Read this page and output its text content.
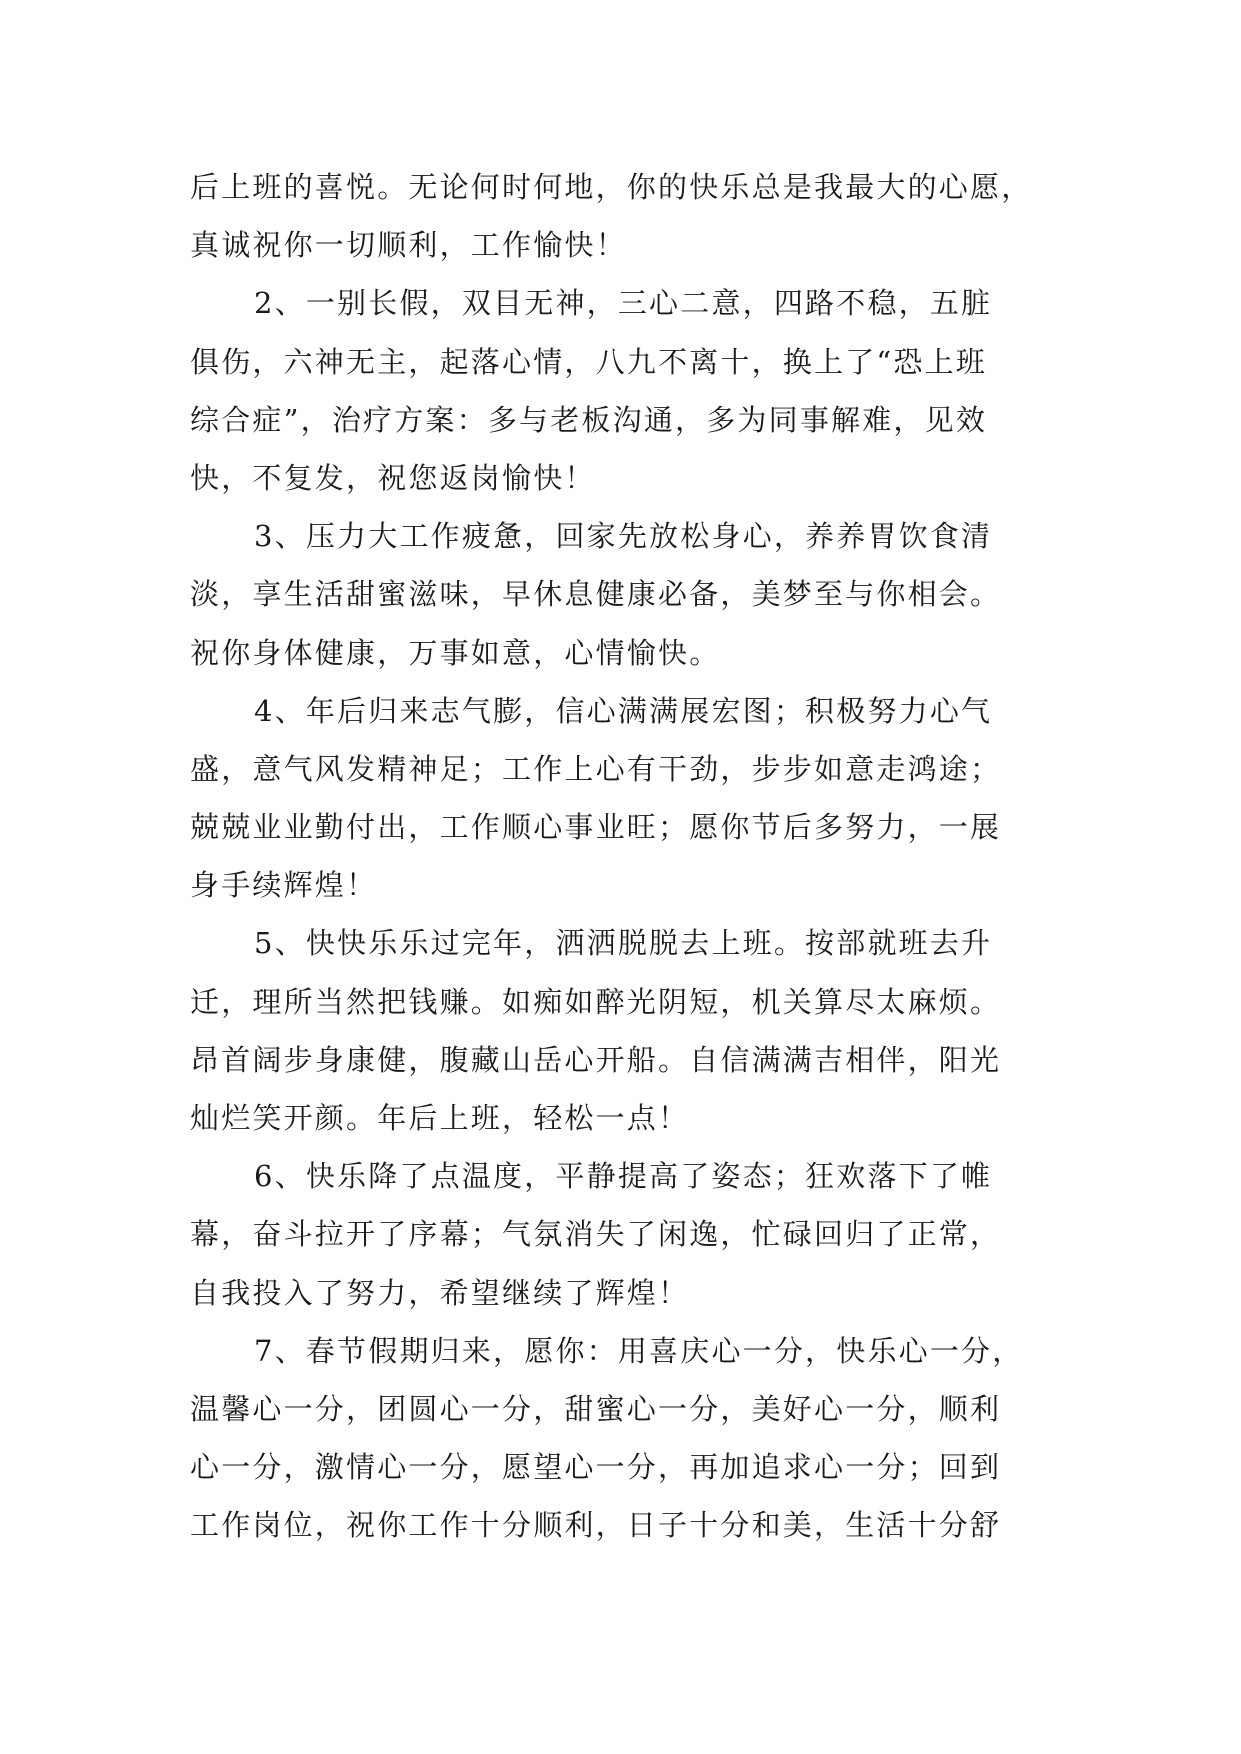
后上班的喜悦。无论何时何地，你的快乐总是我最大的心愿，
真诚祝你一切顺利，工作愉快！
2、一别长假，双目无神，三心二意，四路不稳，五脏
俱伤，六神无主，起落心情，八九不离十，换上了“恐上班
综合症”，治疗方案：多与老板沟通，多为同事解难，见效
快，不复发，祝您返岗愉快！
3、压力大工作疲惫，回家先放松身心，养养胃饮食清
淡，享生活甜蜜滋味，早休息健康必备，美梦至与你相会。
祝你身体健康，万事如意，心情愉快。
4、年后归来志气膨，信心满满展宏图；积极努力心气
盛，意气风发精神足；工作上心有干劲，步步如意走鸿途；
兢兢业业勤付出，工作顺心事业旺；愿你节后多努力，一展
身手续辉煌！
5、快快乐乐过完年，洒洒脱脱去上班。按部就班去升
迁，理所当然把钱赚。如痴如醉光阴短，机关算尽太麻烦。
昂首阔步身康健，腹藏山岳心开船。自信满满吉相伴，阳光
灿烂笑开颜。年后上班，轻松一点！
6、快乐降了点温度，平静提高了姿态；狂欢落下了帷
幕，奋斗拉开了序幕；气氛消失了闲逸，忙碌回归了正常，
自我投入了努力，希望继续了辉煌！
7、春节假期归来，愿你：用喜庆心一分，快乐心一分，
温馨心一分，团圆心一分，甜蜜心一分，美好心一分，顺利
心一分，激情心一分，愿望心一分，再加追求心一分；回到
工作岗位，祝你工作十分顺利，日子十分和美，生活十分舒
